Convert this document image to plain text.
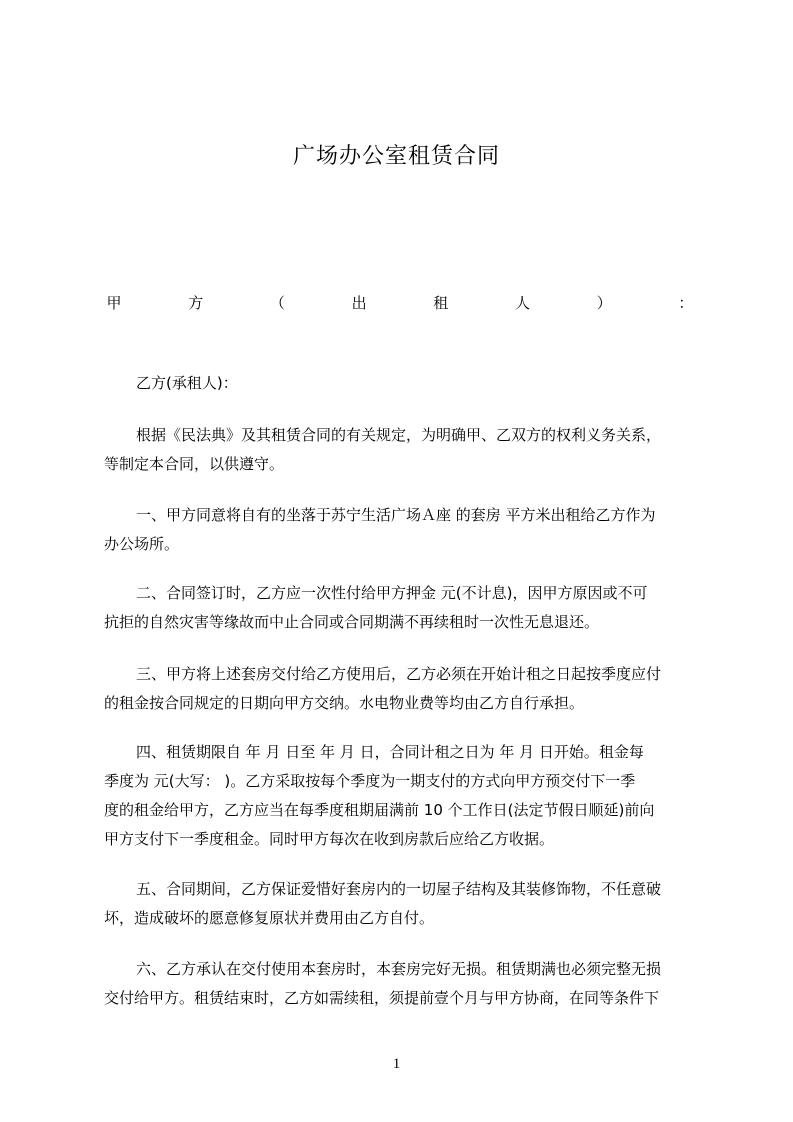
广场办公室租赁合同
甲	方	（	出	租	人	）	：

乙方(承租人)：

根据《民法典》及其租赁合同的有关规定，为明确甲、乙双方的权利义务关系，
等制定本合同，以供遵守。

一、甲方同意将自有的坐落于苏宁生活广场Ａ座 的套房 平方米出租给乙方作为
办公场所。

二、合同签订时，乙方应一次性付给甲方押金 元(不计息)，因甲方原因或不可
抗拒的自然灾害等缘故而中止合同或合同期满不再续租时一次性无息退还。

三、甲方将上述套房交付给乙方使用后，乙方必须在开始计租之日起按季度应付
的租金按合同规定的日期向甲方交纳。水电物业费等均由乙方自行承担。

四、租赁期限自 年 月 日至 年 月 日，合同计租之日为 年 月 日开始。租金每
季度为 元(大写： )。乙方采取按每个季度为一期支付的方式向甲方预交付下一季
度的租金给甲方，乙方应当在每季度租期届满前 10 个工作日(法定节假日顺延)前向
甲方支付下一季度租金。同时甲方每次在收到房款后应给乙方收据。

五、合同期间，乙方保证爱惜好套房内的一切屋子结构及其装修饰物，不任意破
坏，造成破坏的愿意修复原状并费用由乙方自付。

六、乙方承认在交付使用本套房时，本套房完好无损。租赁期满也必须完整无损
交付给甲方。租赁结束时，乙方如需续租，须提前壹个月与甲方协商，在同等条件下

1
